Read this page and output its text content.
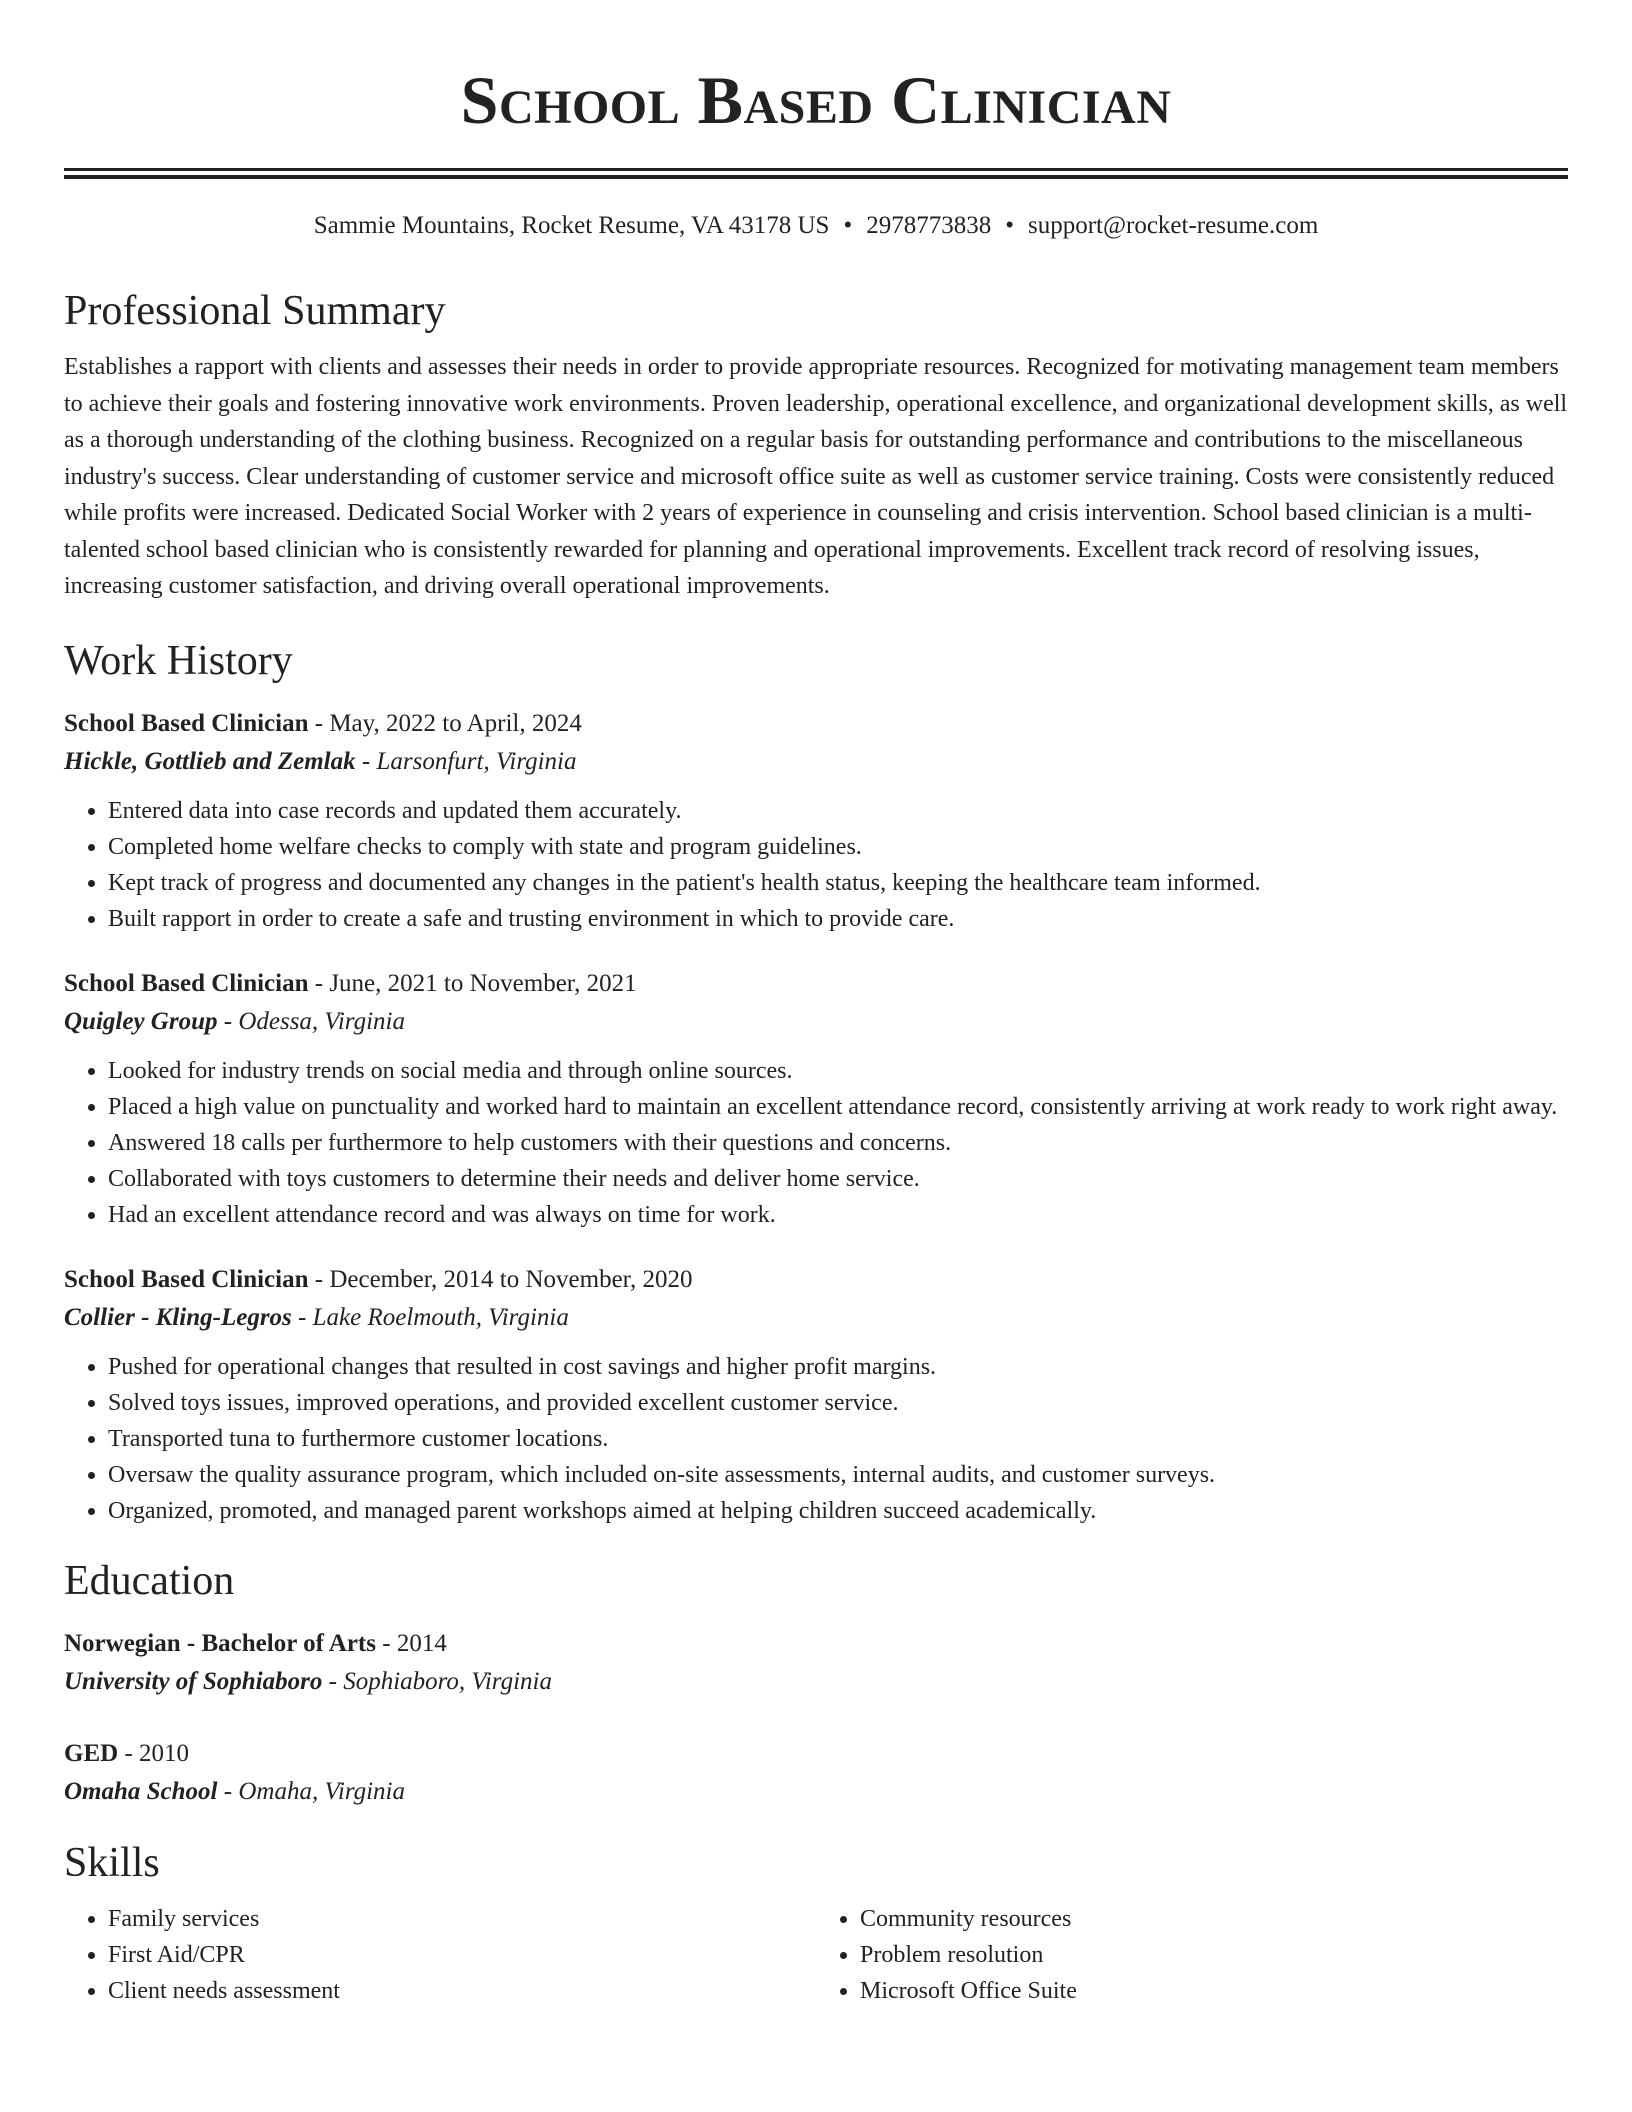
School Based Clinician
Sammie Mountains, Rocket Resume, VA 43178 US • 2978773838 • support@rocket-resume.com
Professional Summary

Establishes a rapport with clients and assesses their needs in order to provide appropriate resources. Recognized for motivating management team members to achieve their goals and fostering innovative work environments. Proven leadership, operational excellence, and organizational development skills, as well as a thorough understanding of the clothing business. Recognized on a regular basis for outstanding performance and contributions to the miscellaneous industry's success. Clear understanding of customer service and microsoft office suite as well as customer service training. Costs were consistently reduced while profits were increased. Dedicated Social Worker with 2 years of experience in counseling and crisis intervention. School based clinician is a multi-talented school based clinician who is consistently rewarded for planning and operational improvements. Excellent track record of resolving issues, increasing customer satisfaction, and driving overall operational improvements.

Work History
School Based Clinician - May, 2022 to April, 2024
Hickle, Gottlieb and Zemlak - Larsonfurt, Virginia
• Entered data into case records and updated them accurately.
• Completed home welfare checks to comply with state and program guidelines.
• Kept track of progress and documented any changes in the patient's health status, keeping the healthcare team informed.
• Built rapport in order to create a safe and trusting environment in which to provide care.
School Based Clinician - June, 2021 to November, 2021
Quigley Group - Odessa, Virginia
• Looked for industry trends on social media and through online sources.
• Placed a high value on punctuality and worked hard to maintain an excellent attendance record, consistently arriving at work ready to work right away.
• Answered 18 calls per furthermore to help customers with their questions and concerns.
• Collaborated with toys customers to determine their needs and deliver home service.
• Had an excellent attendance record and was always on time for work.
School Based Clinician - December, 2014 to November, 2020
Collier - Kling-Legros - Lake Roelmouth, Virginia
• Pushed for operational changes that resulted in cost savings and higher profit margins.
• Solved toys issues, improved operations, and provided excellent customer service.
• Transported tuna to furthermore customer locations.
• Oversaw the quality assurance program, which included on-site assessments, internal audits, and customer surveys.
• Organized, promoted, and managed parent workshops aimed at helping children succeed academically.
Education
Norwegian - Bachelor of Arts - 2014
University of Sophiaboro - Sophiaboro, Virginia
GED - 2010
Omaha School - Omaha, Virginia
Skills
• Family services
• First Aid/CPR
• Client needs assessment
• Community resources
• Problem resolution
• Microsoft Office Suite
